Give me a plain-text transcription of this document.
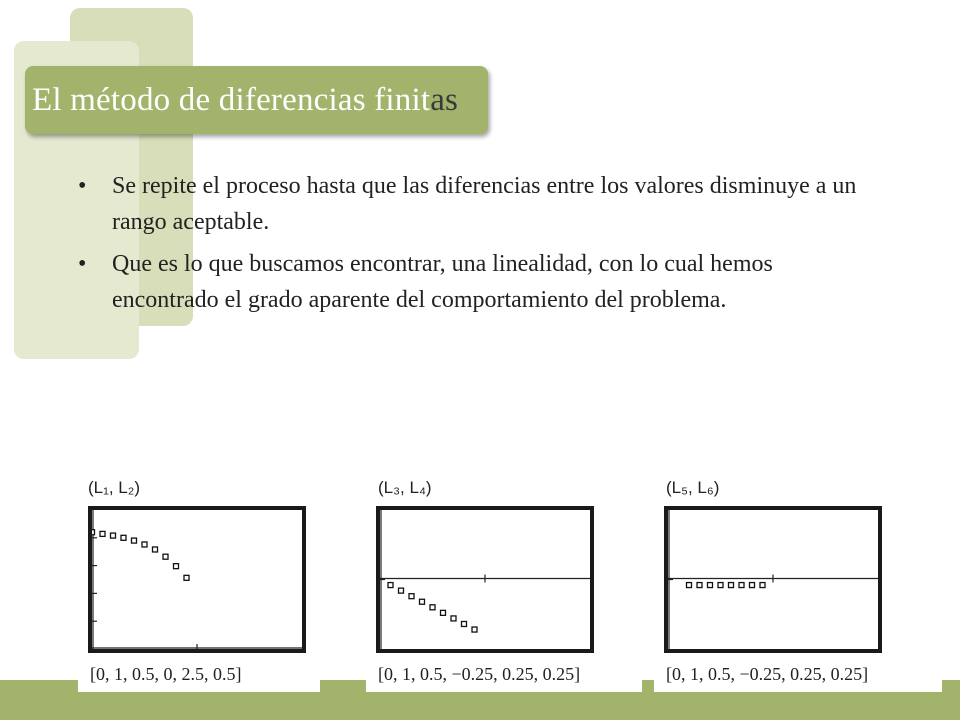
El método de diferencias finitas
• Se repite el proceso hasta que las diferencias entre los valores disminuye a un rango aceptable.
• Que es lo que buscamos encontrar, una linealidad, con lo cual hemos encontrado el grado aparente del comportamiento del problema.
(L₁, L₂)
[0, 1, 0.5, 0, 2.5, 0.5]
(L₃, L₄)
[0, 1, 0.5, −0.25, 0.25, 0.25]
(L₅, L₆)
[0, 1, 0.5, −0.25, 0.25, 0.25]
